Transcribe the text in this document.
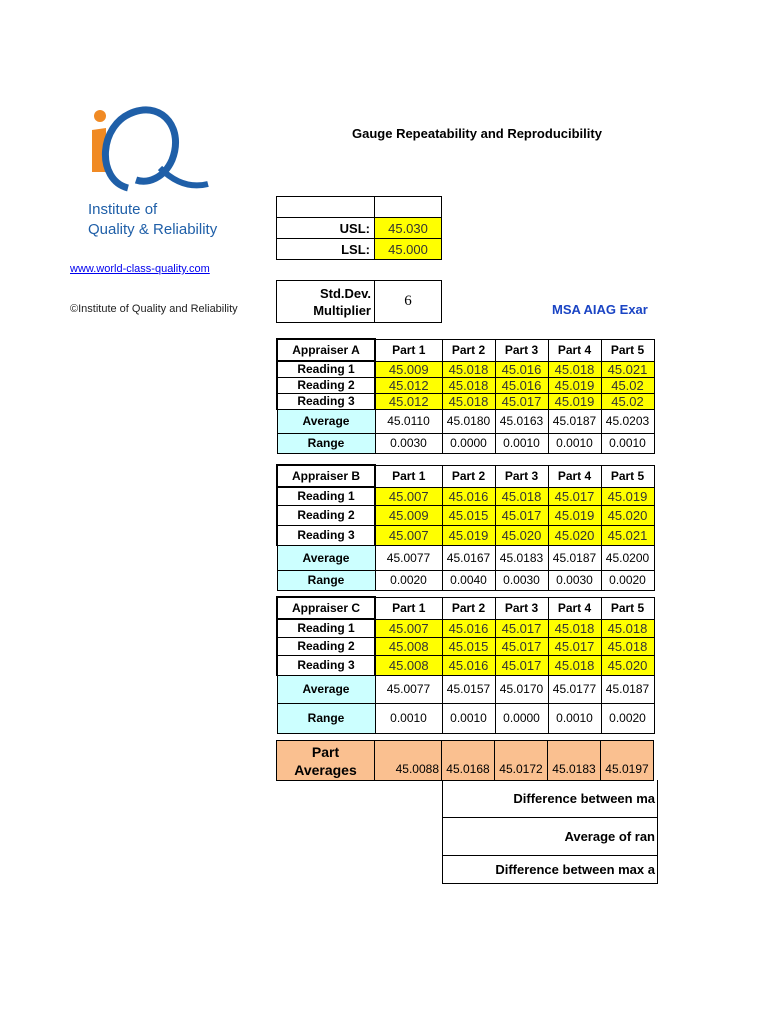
Institute of
Quality & Reliability
www.world-class-quality.com
©Institute of Quality and Reliability
Gauge Repeatability and Reproducibility
MSA AIAG Exar

USL:	45.030
LSL:	45.000
Std.Dev.
Multiplier
	6
Appraiser A	Part 1	Part 2	Part 3	Part 4	Part 5
Reading 1	45.009	45.018	45.016	45.018	45.021
Reading 2	45.012	45.018	45.016	45.019	45.02
Reading 3	45.012	45.018	45.017	45.019	45.02
Average	45.0110	45.0180	45.0163	45.0187	45.0203
Range	0.0030	0.0000	0.0010	0.0010	0.0010
Appraiser B	Part 1	Part 2	Part 3	Part 4	Part 5
Reading 1	45.007	45.016	45.018	45.017	45.019
Reading 2	45.009	45.015	45.017	45.019	45.020
Reading 3	45.007	45.019	45.020	45.020	45.021
Average	45.0077	45.0167	45.0183	45.0187	45.0200
Range	0.0020	0.0040	0.0030	0.0030	0.0020
Appraiser C	Part 1	Part 2	Part 3	Part 4	Part 5
Reading 1	45.007	45.016	45.017	45.018	45.018
Reading 2	45.008	45.015	45.017	45.017	45.018
Reading 3	45.008	45.016	45.017	45.018	45.020
Average	45.0077	45.0157	45.0170	45.0177	45.0187
Range	0.0010	0.0010	0.0000	0.0010	0.0020
Part
Averages	45.0088	45.0168	45.0172	45.0183	45.0197
Difference between ma
Average of ran
Difference between max a
